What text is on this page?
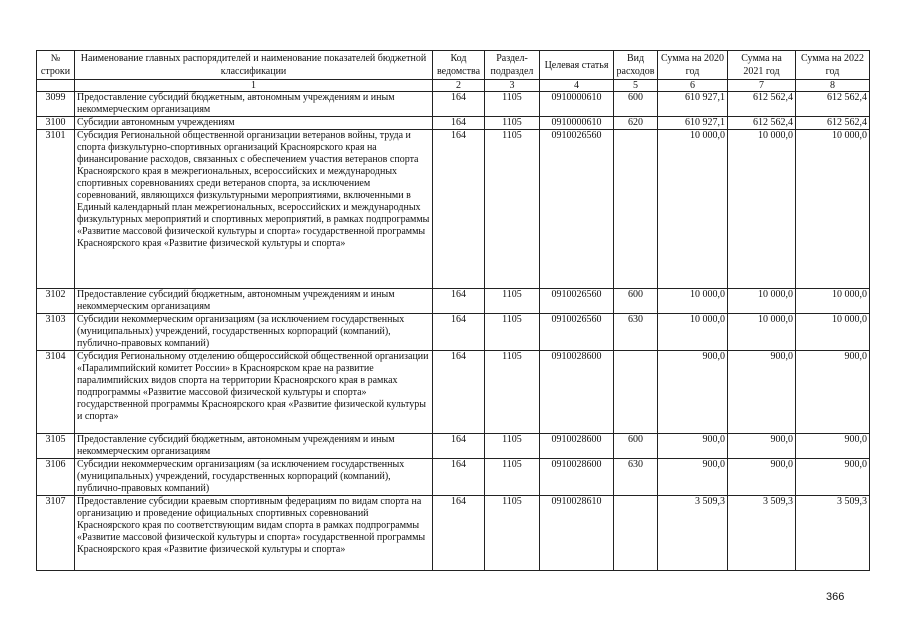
№ строки	Наименование главных распорядителей и наименование показателей бюджетной классификации	Код ведомства	Раздел-подраздел	Целевая статья	Вид расходов	Сумма на 2020 год	Сумма на 2021 год	Сумма на 2022 год
	1	2	3	4	5	6	7	8
3099	Предоставление субсидий бюджетным, автономным учреждениям и иным некоммерческим организациям	164	1105	0910000610	600	610 927,1	612 562,4	612 562,4
3100	Субсидии автономным учреждениям	164	1105	0910000610	620	610 927,1	612 562,4	612 562,4
3101	Субсидия Региональной общественной организации ветеранов войны, труда и спорта физкультурно-спортивных организаций Красноярского края на финансирование расходов, связанных с обеспечением участия ветеранов спорта Красноярского края в межрегиональных, всероссийских и международных спортивных соревнованиях среди ветеранов спорта, за исключением соревнований, являющихся физкультурными мероприятиями, включенными в Единый календарный план межрегиональных, всероссийских и международных физкультурных мероприятий и спортивных мероприятий, в рамках подпрограммы «Развитие массовой физической культуры и спорта» государственной программы Красноярского края «Развитие физической культуры и спорта»	164	1105	0910026560		10 000,0	10 000,0	10 000,0
3102	Предоставление субсидий бюджетным, автономным учреждениям и иным некоммерческим организациям	164	1105	0910026560	600	10 000,0	10 000,0	10 000,0
3103	Субсидии некоммерческим организациям (за исключением государственных (муниципальных) учреждений, государственных корпораций (компаний), публично-правовых компаний)	164	1105	0910026560	630	10 000,0	10 000,0	10 000,0
3104	Субсидия Региональному отделению общероссийской общественной организации «Паралимпийский комитет России» в Красноярском крае на развитие паралимпийских видов спорта на территории Красноярского края в рамках подпрограммы «Развитие массовой физической культуры и спорта» государственной программы Красноярского края «Развитие физической культуры и спорта»	164	1105	0910028600		900,0	900,0	900,0
3105	Предоставление субсидий бюджетным, автономным учреждениям и иным некоммерческим организациям	164	1105	0910028600	600	900,0	900,0	900,0
3106	Субсидии некоммерческим организациям (за исключением государственных (муниципальных) учреждений, государственных корпораций (компаний), публично-правовых компаний)	164	1105	0910028600	630	900,0	900,0	900,0
3107	Предоставление субсидии краевым спортивным федерациям по видам спорта на организацию и проведение официальных спортивных соревнований Красноярского края по соответствующим видам спорта в рамках подпрограммы «Развитие массовой физической культуры и спорта» государственной программы Красноярского края «Развитие физической культуры и спорта»	164	1105	0910028610		3 509,3	3 509,3	3 509,3
366
